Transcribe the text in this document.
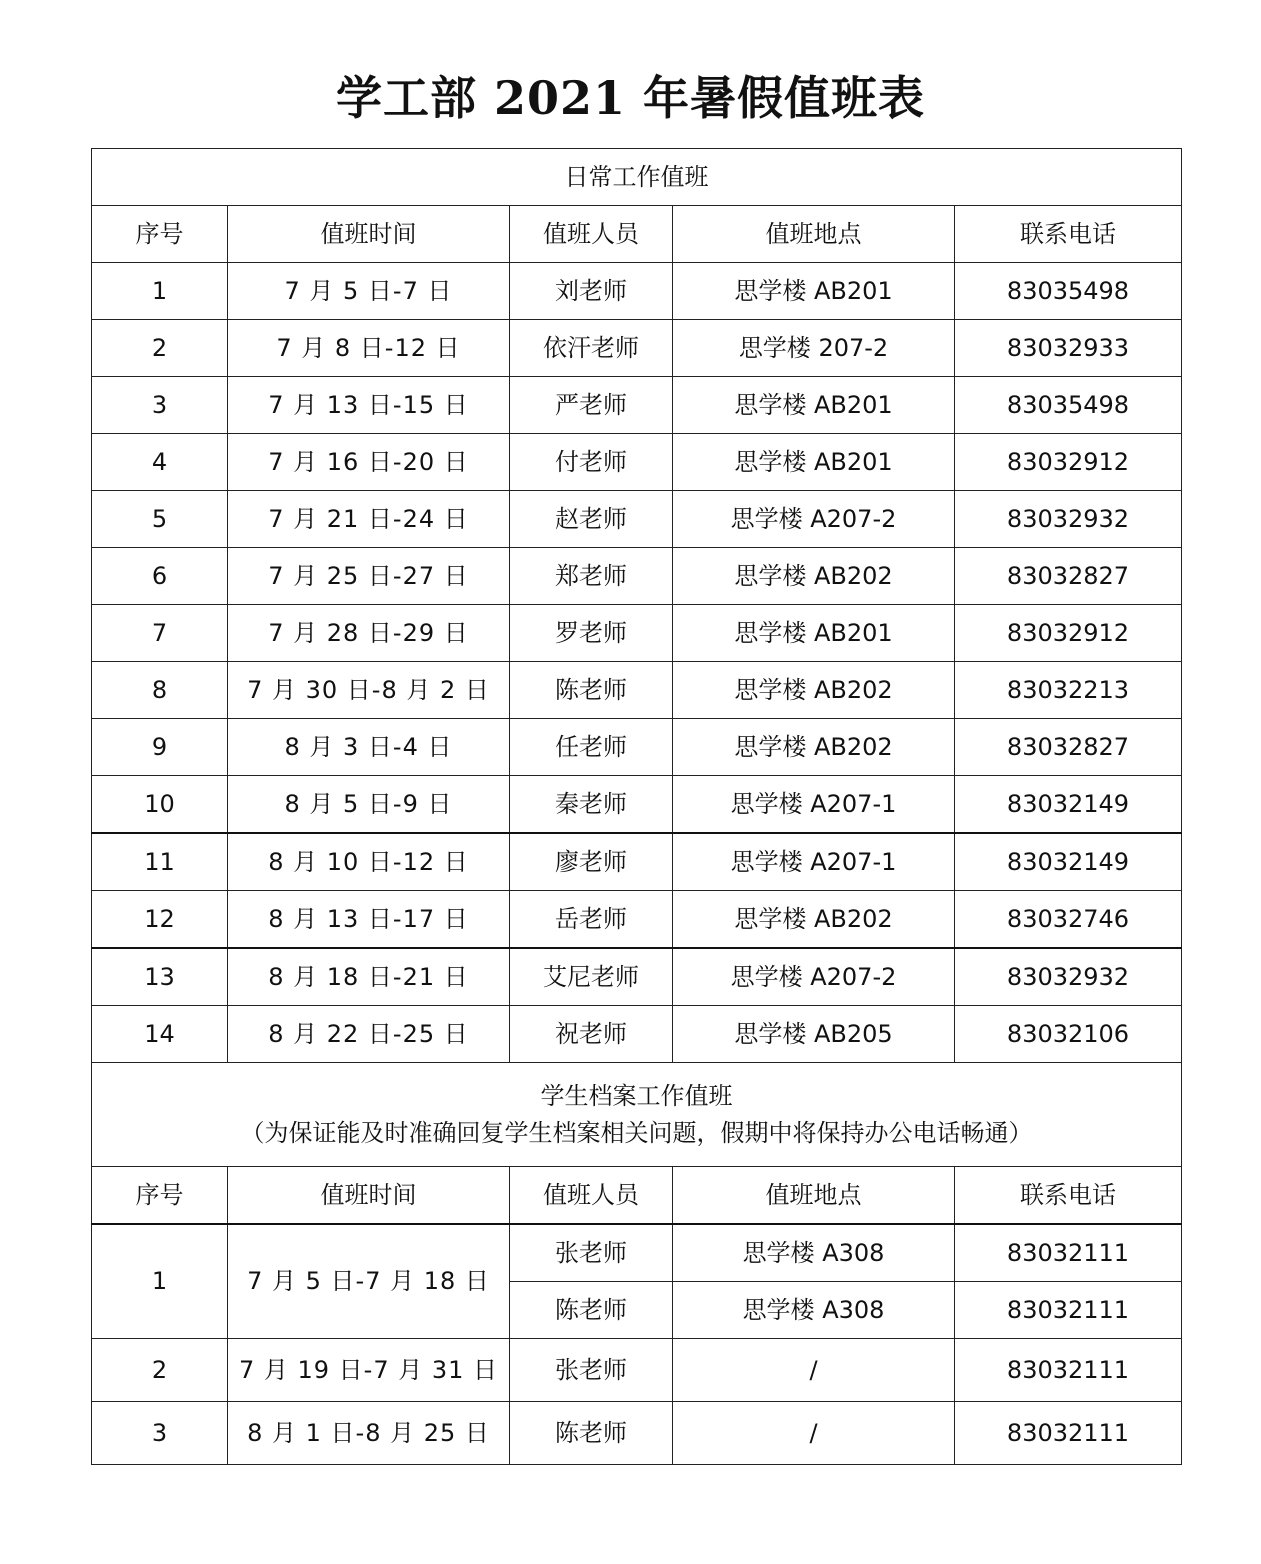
学工部 2021 年暑假值班表
日常工作值班				
序号	值班时间	值班人员	值班地点	联系电话
1	7 月 5 日-7 日	刘老师	思学楼 AB201	83035498
2	7 月 8 日-12 日	依汗老师	思学楼 207-2	83032933
3	7 月 13 日-15 日	严老师	思学楼 AB201	83035498
4	7 月 16 日-20 日	付老师	思学楼 AB201	83032912
5	7 月 21 日-24 日	赵老师	思学楼 A207-2	83032932
6	7 月 25 日-27 日	郑老师	思学楼 AB202	83032827
7	7 月 28 日-29 日	罗老师	思学楼 AB201	83032912
8	7 月 30 日-8 月 2 日	陈老师	思学楼 AB202	83032213
9	8 月 3 日-4 日	任老师	思学楼 AB202	83032827
10	8 月 5 日-9 日	秦老师	思学楼 A207-1	83032149
11	8 月 10 日-12 日	廖老师	思学楼 A207-1	83032149
12	8 月 13 日-17 日	岳老师	思学楼 AB202	83032746
13	8 月 18 日-21 日	艾尼老师	思学楼 A207-2	83032932
14	8 月 22 日-25 日	祝老师	思学楼 AB205	83032106
学生档案工作值班
（为保证能及时准确回复学生档案相关问题，假期中将保持办公电话畅通）				

序号	值班时间	值班人员	值班地点	联系电话
1	7 月 5 日-7 月 18 日	张老师	思学楼 A308	83032111
		陈老师	思学楼 A308	83032111
2	7 月 19 日-7 月 31 日	张老师	/	83032111
3	8 月 1 日-8 月 25 日	陈老师	/	83032111
